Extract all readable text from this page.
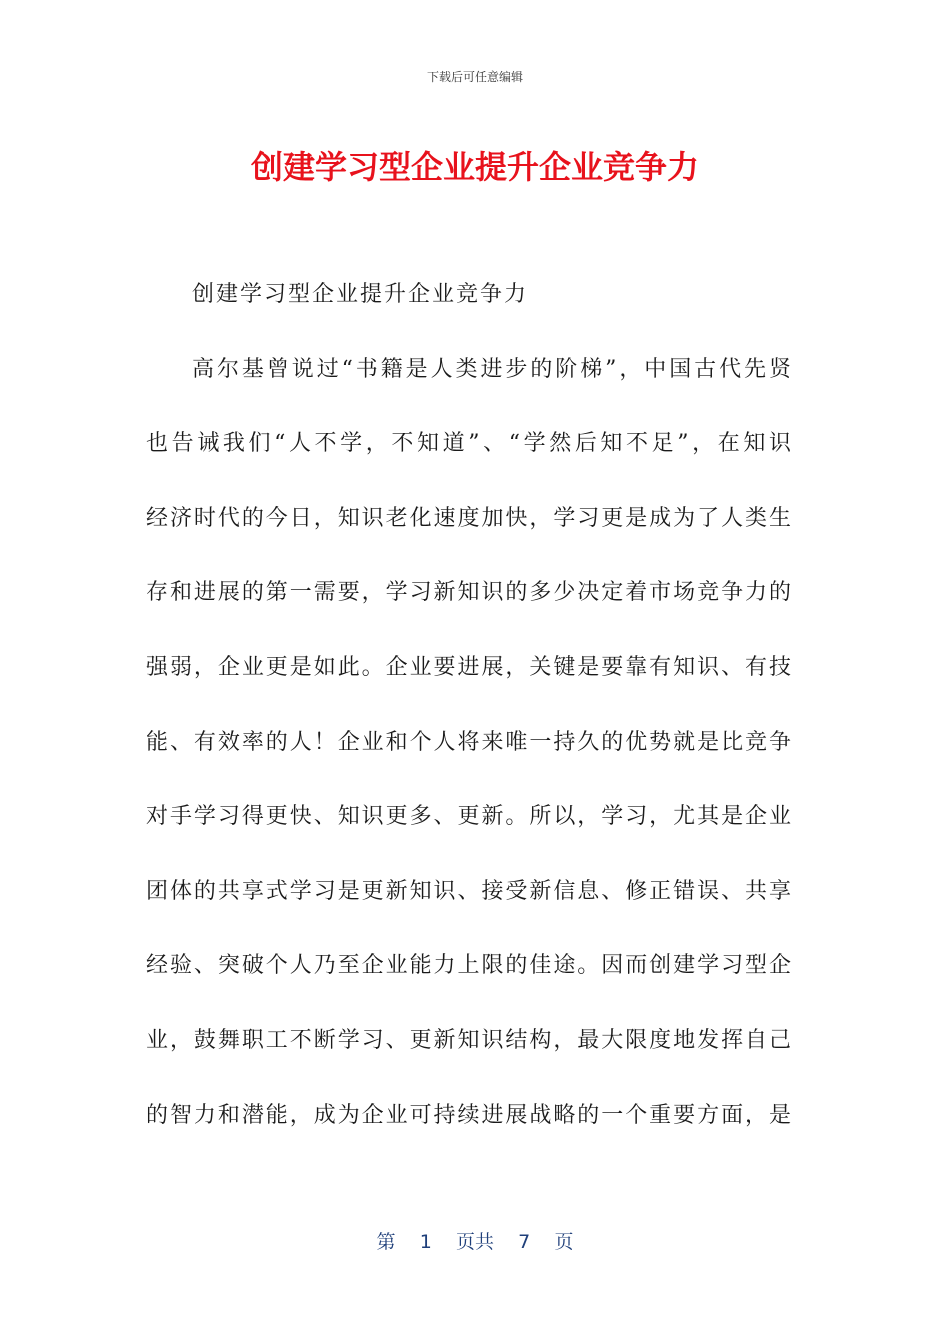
下载后可任意编辑
创建学习型企业提升企业竞争力
创建学习型企业提升企业竞争力
高尔基曾说过“书籍是人类进步的阶梯”，中国古代先贤
也告诫我们“人不学，不知道”、“学然后知不足”，在知识
经济时代的今日，知识老化速度加快，学习更是成为了人类生
存和进展的第一需要，学习新知识的多少决定着市场竞争力的
强弱，企业更是如此。企业要进展，关键是要靠有知识、有技
能、有效率的人！企业和个人将来唯一持久的优势就是比竞争
对手学习得更快、知识更多、更新。所以，学习，尤其是企业
团体的共享式学习是更新知识、接受新信息、修正错误、共享
经验、突破个人乃至企业能力上限的佳途。因而创建学习型企
业，鼓舞职工不断学习、更新知识结构，最大限度地发挥自己
的智力和潜能，成为企业可持续进展战略的一个重要方面，是
第 1 页共 7 页
